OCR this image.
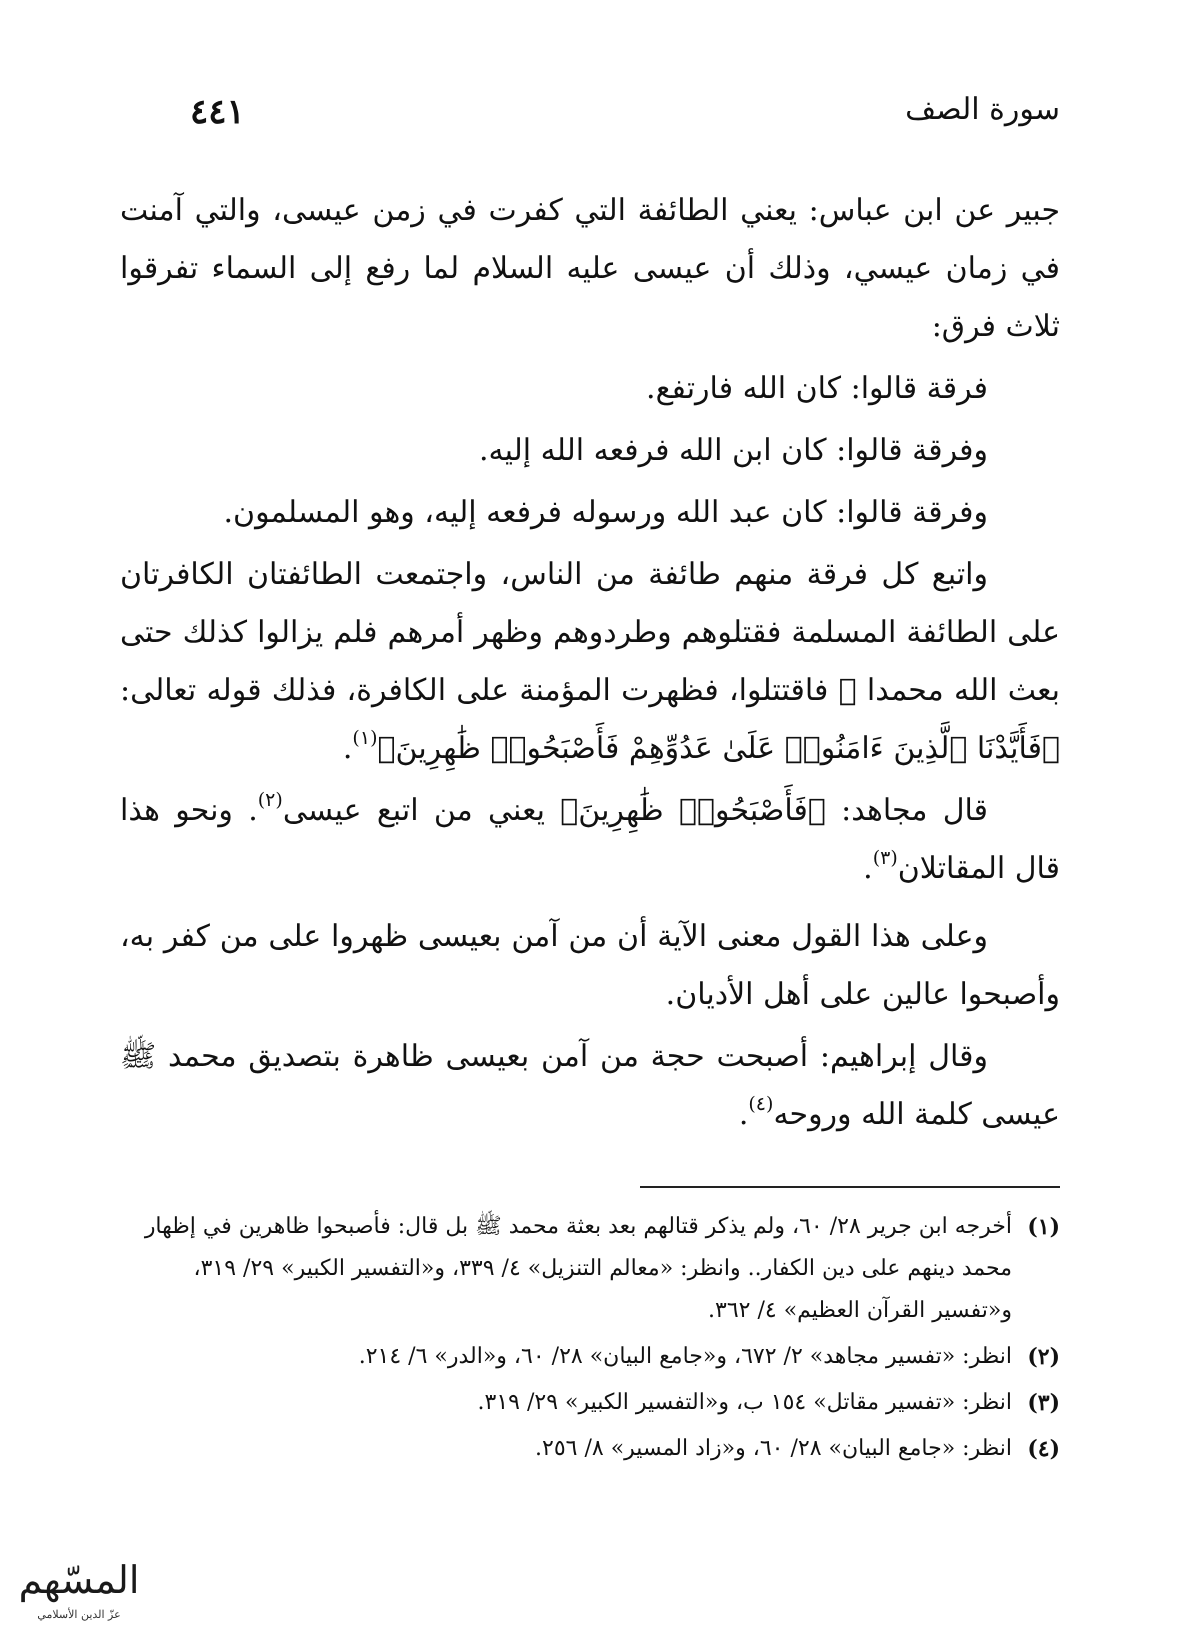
سورة الصف
٤٤١

جبير عن ابن عباس: يعني الطائفة التي كفرت في زمن عيسى، والتي آمنت في زمان عيسي، وذلك أن عيسى عليه السلام لما رفع إلى السماء تفرقوا ثلاث فرق:

فرقة قالوا: كان الله فارتفع.

وفرقة قالوا: كان ابن الله فرفعه الله إليه.

وفرقة قالوا: كان عبد الله ورسوله فرفعه إليه، وهو المسلمون.

واتبع كل فرقة منهم طائفة من الناس، واجتمعت الطائفتان الكافرتان على الطائفة المسلمة فقتلوهم وطردوهم وظهر أمرهم فلم يزالوا كذلك حتى بعث الله محمدا ﷺ فاقتتلوا، فظهرت المؤمنة على الكافرة، فذلك قوله تعالى: ﴿فَأَيَّدْنَا ٱلَّذِينَ ءَامَنُوا۟ عَلَىٰ عَدُوِّهِمْ فَأَصْبَحُوا۟ ظَٰهِرِينَ﴾$^{(١)}$.

قال مجاهد: ﴿فَأَصْبَحُوا۟ ظَٰهِرِينَ﴾ يعني من اتبع عيسى$^{(٢)}$. ونحو هذا قال المقاتلان$^{(٣)}$.

وعلى هذا القول معنى الآية أن من آمن بعيسى ظهروا على من كفر به، وأصبحوا عالين على أهل الأديان.

وقال إبراهيم: أصبحت حجة من آمن بعيسى ظاهرة بتصديق محمد ﷺ عيسى كلمة الله وروحه$^{(٤)}$.

(١)
أخرجه ابن جرير ٢٨/ ٦٠، ولم يذكر قتالهم بعد بعثة محمد ﷺ بل قال: فأصبحوا ظاهرين في إظهار محمد دينهم على دين الكفار.. وانظر: «معالم التنزيل» ٤/ ٣٣٩، و«التفسير الكبير» ٢٩/ ٣١٩، و«تفسير القرآن العظيم» ٤/ ٣٦٢.
(٢)
انظر: «تفسير مجاهد» ٢/ ٦٧٢، و«جامع البيان» ٢٨/ ٦٠، و«الدر» ٦/ ٢١٤.
(٣)
انظر: «تفسير مقاتل» ١٥٤ ب، و«التفسير الكبير» ٢٩/ ٣١٩.
(٤)
انظر: «جامع البيان» ٢٨/ ٦٠، و«زاد المسير» ٨/ ٢٥٦.
المسّهم
عزّ الدين الأسلامي
